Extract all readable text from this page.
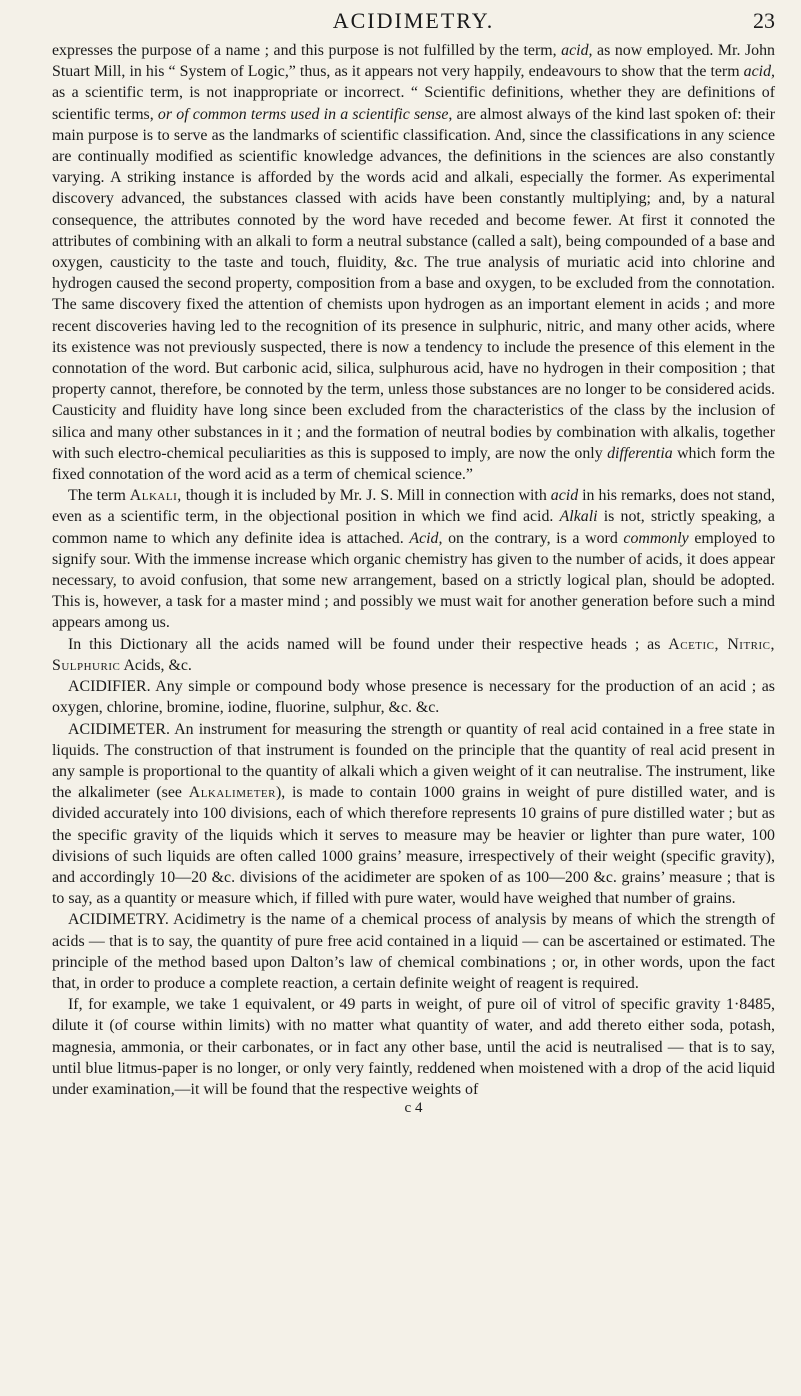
ACIDIMETRY.	23

expresses the purpose of a name ; and this purpose is not fulfilled by the term, acid, as now employed. Mr. John Stuart Mill, in his “ System of Logic,” thus, as it appears not very happily, endeavours to show that the term acid, as a scientific term, is not inappropriate or incorrect. “ Scientific definitions, whether they are definitions of scientific terms, or of common terms used in a scientific sense, are almost always of the kind last spoken of: their main purpose is to serve as the landmarks of scientific classification. And, since the classifications in any science are continually modified as scientific knowledge advances, the definitions in the sciences are also constantly varying. A striking instance is afforded by the words acid and alkali, especially the former. As experimental discovery advanced, the substances classed with acids have been constantly multiplying; and, by a natural consequence, the attributes connoted by the word have receded and become fewer. At first it connoted the attributes of combining with an alkali to form a neutral substance (called a salt), being compounded of a base and oxygen, causticity to the taste and touch, fluidity, &c. The true analysis of muriatic acid into chlorine and hydrogen caused the second property, composition from a base and oxygen, to be excluded from the connotation. The same discovery fixed the attention of chemists upon hydrogen as an important element in acids ; and more recent discoveries having led to the recognition of its presence in sulphuric, nitric, and many other acids, where its existence was not previously suspected, there is now a tendency to include the presence of this element in the connotation of the word. But carbonic acid, silica, sulphurous acid, have no hydrogen in their composition ; that property cannot, therefore, be connoted by the term, unless those substances are no longer to be considered acids. Causticity and fluidity have long since been excluded from the characteristics of the class by the inclusion of silica and many other substances in it ; and the formation of neutral bodies by combination with alkalis, together with such electro-chemical peculiarities as this is supposed to imply, are now the only differentia which form the fixed connotation of the word acid as a term of chemical science.”

The term Alkali, though it is included by Mr. J. S. Mill in connection with acid in his remarks, does not stand, even as a scientific term, in the objectional position in which we find acid. Alkali is not, strictly speaking, a common name to which any definite idea is attached. Acid, on the contrary, is a word commonly employed to signify sour. With the immense increase which organic chemistry has given to the number of acids, it does appear necessary, to avoid confusion, that some new arrangement, based on a strictly logical plan, should be adopted. This is, however, a task for a master mind ; and possibly we must wait for another generation before such a mind appears among us.

In this Dictionary all the acids named will be found under their respective heads ; as Acetic, Nitric, Sulphuric Acids, &c.

ACIDIFIER. Any simple or compound body whose presence is necessary for the production of an acid ; as oxygen, chlorine, bromine, iodine, fluorine, sulphur, &c. &c.

ACIDIMETER. An instrument for measuring the strength or quantity of real acid contained in a free state in liquids. The construction of that instrument is founded on the principle that the quantity of real acid present in any sample is proportional to the quantity of alkali which a given weight of it can neutralise. The instrument, like the alkalimeter (see Alkalimeter), is made to contain 1000 grains in weight of pure distilled water, and is divided accurately into 100 divisions, each of which therefore represents 10 grains of pure distilled water ; but as the specific gravity of the liquids which it serves to measure may be heavier or lighter than pure water, 100 divisions of such liquids are often called 1000 grains’ measure, irrespectively of their weight (specific gravity), and accordingly 10—20 &c. divisions of the acidimeter are spoken of as 100—200 &c. grains’ measure ; that is to say, as a quantity or measure which, if filled with pure water, would have weighed that number of grains.

ACIDIMETRY. Acidimetry is the name of a chemical process of analysis by means of which the strength of acids — that is to say, the quantity of pure free acid contained in a liquid — can be ascertained or estimated. The principle of the method based upon Dalton’s law of chemical combinations ; or, in other words, upon the fact that, in order to produce a complete reaction, a certain definite weight of reagent is required.

If, for example, we take 1 equivalent, or 49 parts in weight, of pure oil of vitrol of specific gravity 1·8485, dilute it (of course within limits) with no matter what quantity of water, and add thereto either soda, potash, magnesia, ammonia, or their carbonates, or in fact any other base, until the acid is neutralised — that is to say, until blue litmus-paper is no longer, or only very faintly, reddened when moistened with a drop of the acid liquid under examination,—it will be found that the respective weights of

c 4
